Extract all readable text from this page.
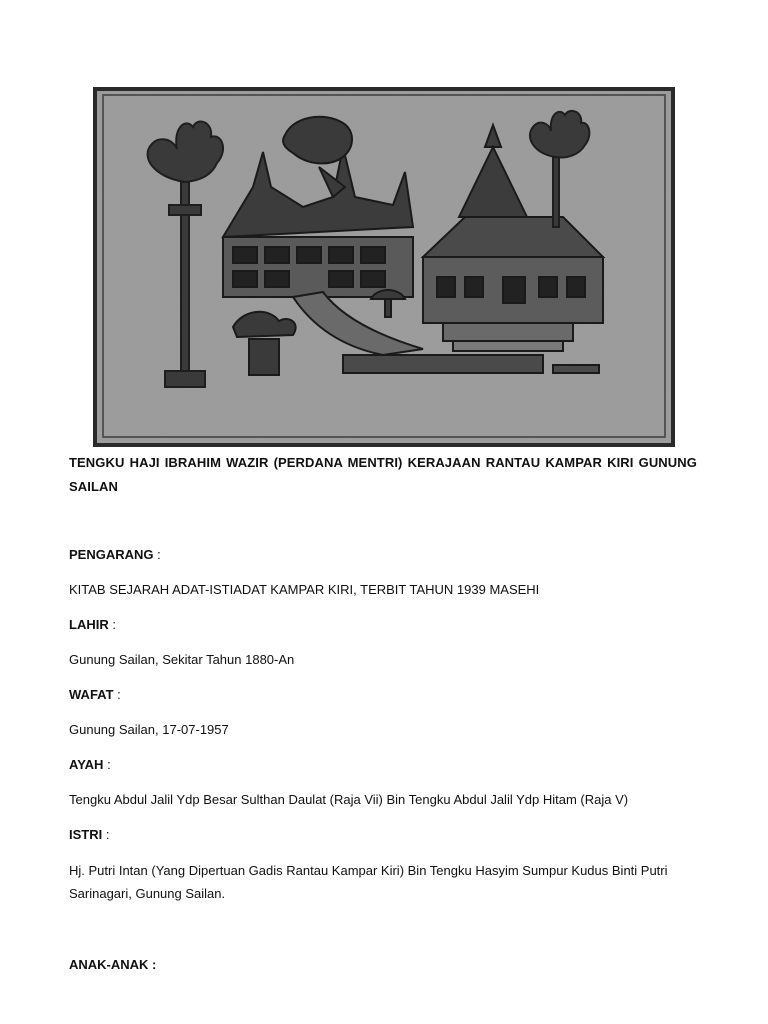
TENGKU HAJI IBRAHIM WAZIR (PERDANA MENTRI) KERAJAAN RANTAU KAMPAR KIRI GUNUNG SAILAN
PENGARANG :
KITAB SEJARAH ADAT-ISTIADAT KAMPAR KIRI, TERBIT TAHUN 1939 MASEHI
LAHIR :
Gunung Sailan, Sekitar Tahun 1880-An
WAFAT :
Gunung Sailan, 17-07-1957
AYAH :
Tengku Abdul Jalil Ydp Besar Sulthan Daulat (Raja Vii) Bin Tengku Abdul Jalil Ydp Hitam (Raja V)
ISTRI :
Hj. Putri Intan (Yang Dipertuan Gadis Rantau Kampar Kiri) Bin Tengku Hasyim Sumpur Kudus Binti Putri Sarinagari, Gunung Sailan.
ANAK-ANAK :
